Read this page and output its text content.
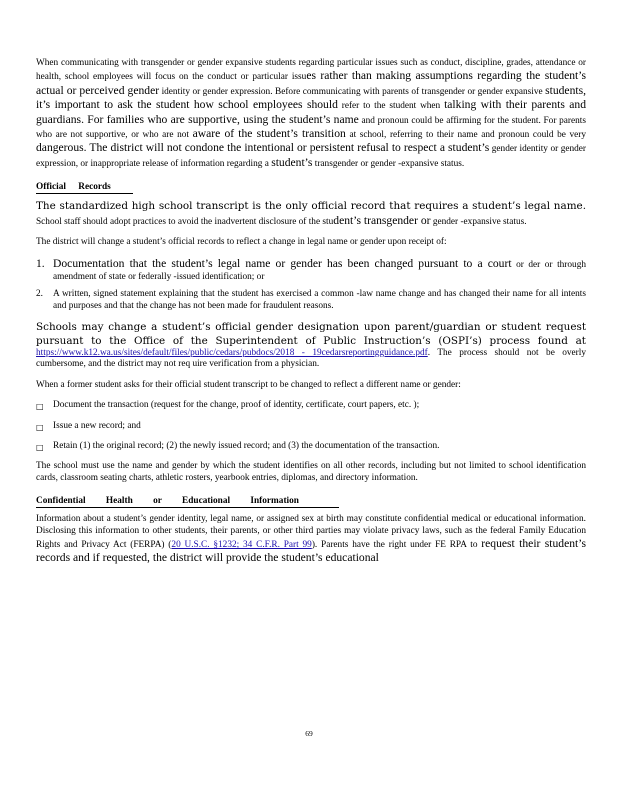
When communicating with transgender or gender expansive students regarding particular issues such as conduct, discipline, grades, attendance or health, school employees will focus on the conduct or particular issues rather than making assumptions regarding the student’s actual or perceived gender identity or gender expression. Before communicating with parents of transgender or gender expansive students, it’s important to ask the student how school employees should refer to the student when talking with their parents and guardians. For families who are supportive, using the student’s name and pronoun could be affirming for the student. For parents who are not supportive, or who are not aware of the student’s transition at school, referring to their name and pronoun could be very dangerous. The district will not condone the intentional or persistent refusal to respect a student’s gender identity or gender expression, or inappropriate release of information regarding a student’s transgender or gender -expansive status.

Official Records

The standardized high school transcript is the only official record that requires a student’s legal name. School staff should adopt practices to avoid the inadvertent disclosure of the student’s transgender or gender -expansive status.

The district will change a student’s official records to reflect a change in legal name or gender upon receipt of:

1. Documentation that the student’s legal name or gender has been changed pursuant to a court or der or through amendment of state or federally -issued identification; or
2. A written, signed statement explaining that the student has exercised a common -law name change and has changed their name for all intents and purposes and that the change has not been made for fraudulent reasons.

Schools may change a student’s official gender designation upon parent/guardian or student request pursuant to the Office of the Superintendent of Public Instruction’s (OSPI’s) process found at https://www.k12.wa.us/sites/default/files/public/cedars/pubdocs/2018 - 19cedarsreportingguidance.pdf. The process should not be overly cumbersome, and the district may not req uire verification from a physician.

When a former student asks for their official student transcript to be changed to reflect a different name or gender:

□ Document the transaction (request for the change, proof of identity, certificate, court papers, etc. );
□ Issue a new record; and
□ Retain (1) the original record; (2) the newly issued record; and (3) the documentation of the transaction.

The school must use the name and gender by which the student identifies on all other records, including but not limited to school identification cards, classroom seating charts, athletic rosters, yearbook entries, diplomas, and directory information.

Confidential Health or Educational Information

Information about a student’s gender identity, legal name, or assigned sex at birth may constitute confidential medical or educational information. Disclosing this information to other students, their parents, or other third parties may violate privacy laws, such as the federal Family Education Rights and Privacy Act (FERPA) (20 U.S.C. §1232; 34 C.F.R. Part 99). Parents have the right under FE RPA to request their student’s records and if requested, the district will provide the student’s educational

69
